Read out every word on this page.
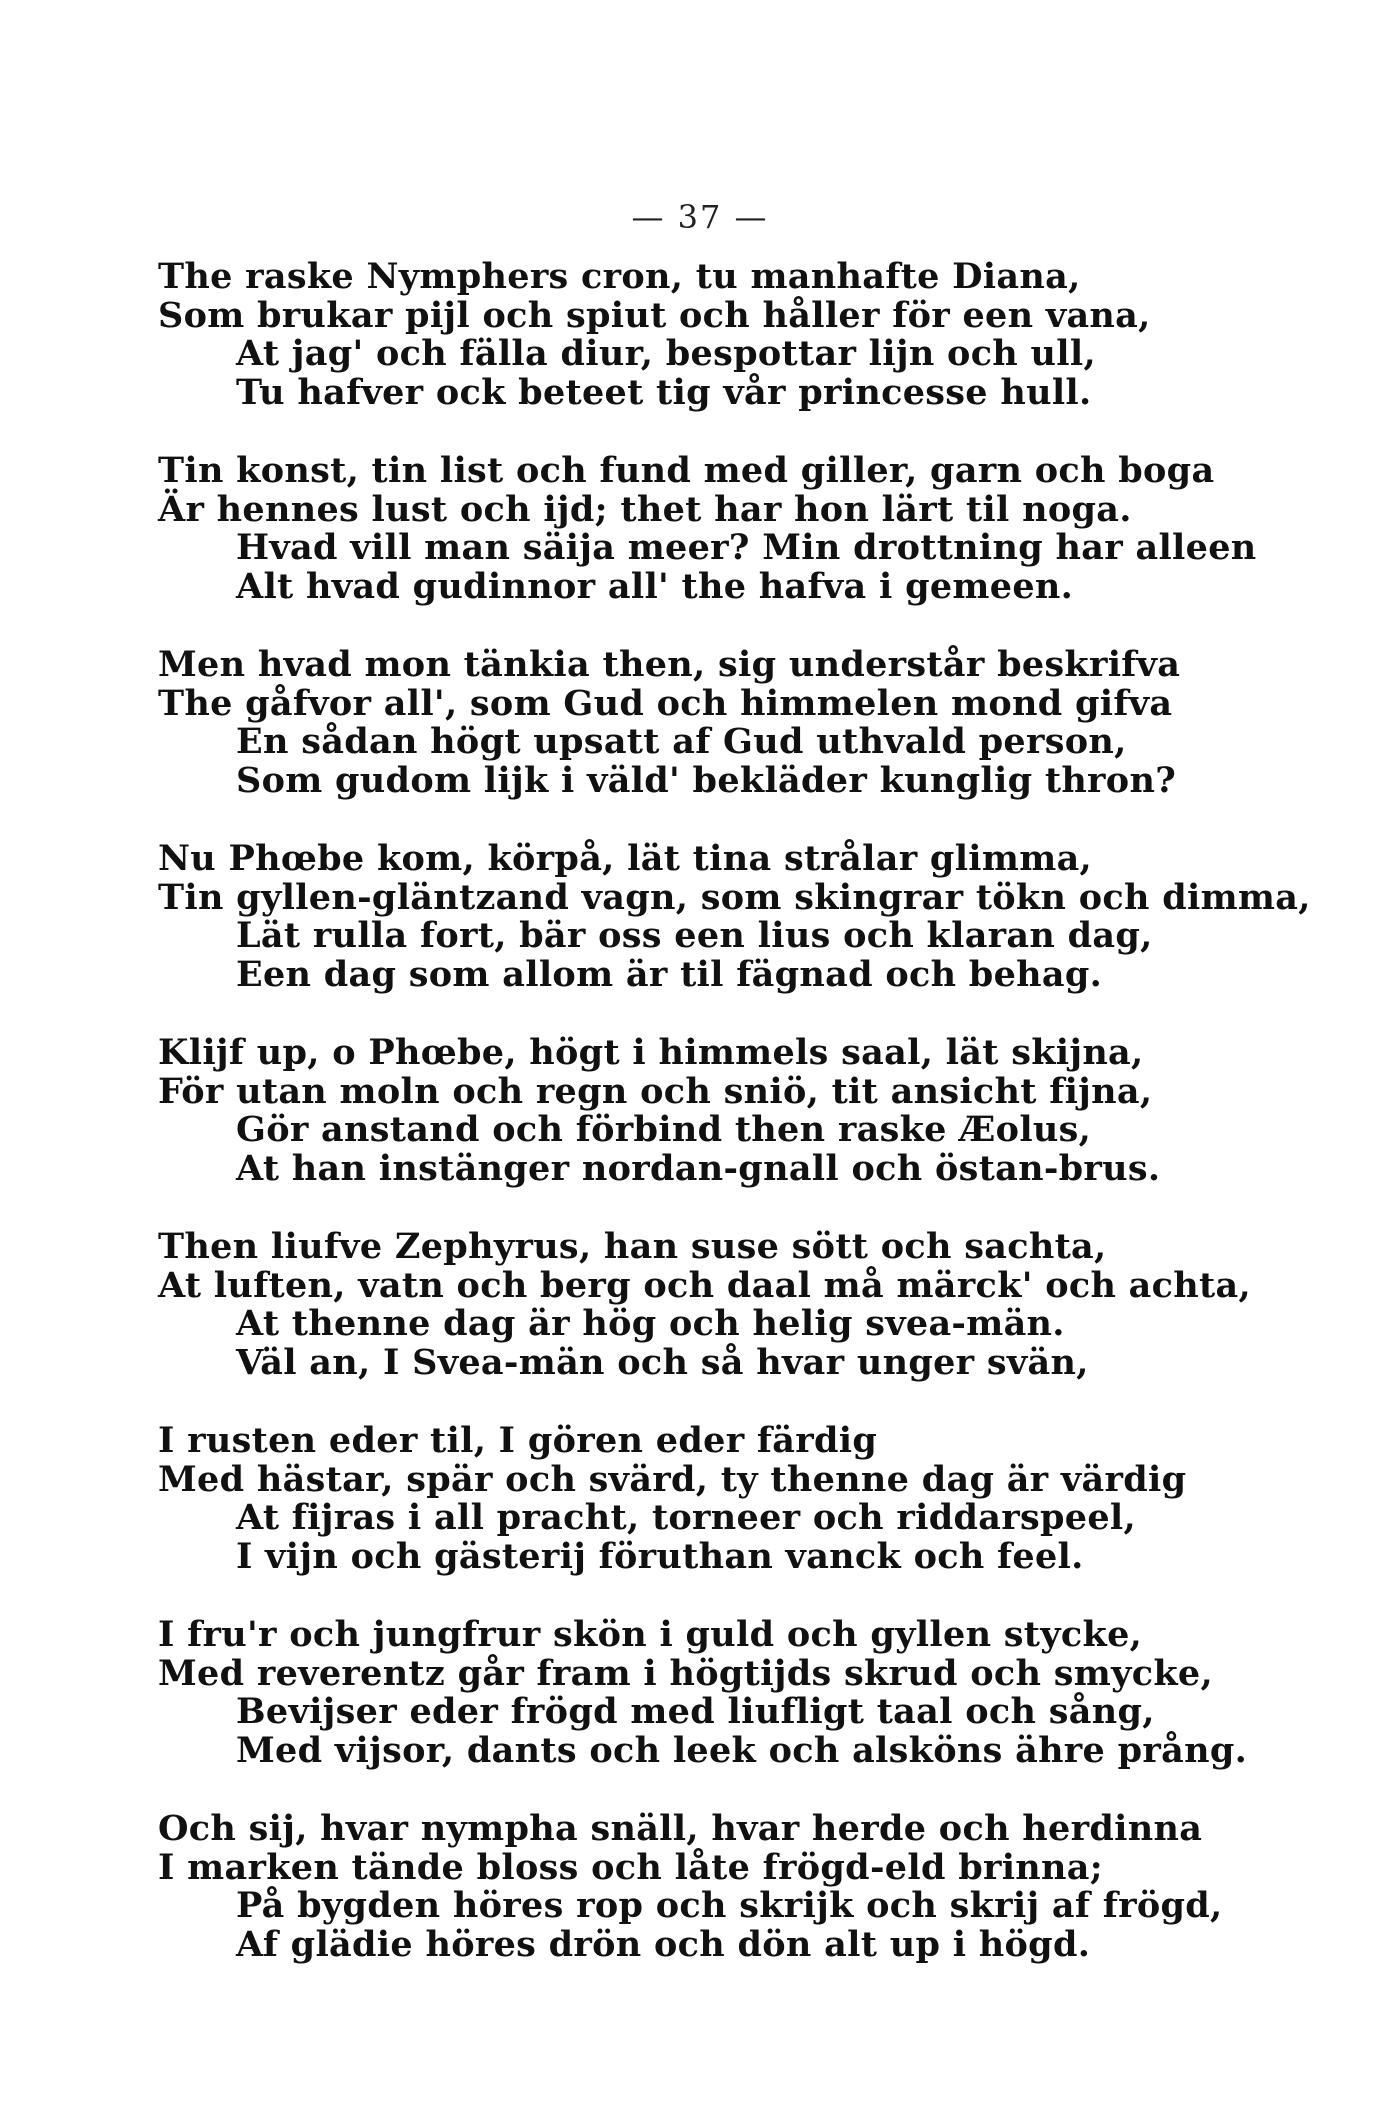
— 37 —
The raske Nymphers cron, tu manhafte Diana,
Som brukar pijl och spiut och håller för een vana,
At jag' och fälla diur, bespottar lijn och ull,
Tu hafver ock beteet tig vår princesse hull.
Tin konst, tin list och fund med giller, garn och boga
Är hennes lust och ijd; thet har hon lärt til noga.
Hvad vill man säija meer? Min drottning har alleen
Alt hvad gudinnor all' the hafva i gemeen.
Men hvad mon tänkia then, sig understår beskrifva
The gåfvor all', som Gud och himmelen mond gifva
En sådan högt upsatt af Gud uthvald person,
Som gudom lijk i väld' bekläder kunglig thron?
Nu Phœbe kom, körpå, lät tina strålar glimma,
Tin gyllen-gläntzand vagn, som skingrar tökn och dimma,
Lät rulla fort, bär oss een lius och klaran dag,
Een dag som allom är til fägnad och behag.
Klijf up, o Phœbe, högt i himmels saal, lät skijna,
För utan moln och regn och sniö, tit ansicht fijna,
Gör anstand och förbind then raske Æolus,
At han instänger nordan-gnall och östan-brus.
Then liufve Zephyrus, han suse sött och sachta,
At luften, vatn och berg och daal må märck' och achta,
At thenne dag är hög och helig svea-män.
Väl an, I Svea-män och så hvar unger svän,
I rusten eder til, I gören eder färdig
Med hästar, spär och svärd, ty thenne dag är värdig
At fijras i all pracht, torneer och riddarspeel,
I vijn och gästerij föruthan vanck och feel.
I fru'r och jungfrur skön i guld och gyllen stycke,
Med reverentz går fram i högtijds skrud och smycke,
Bevijser eder frögd med liufligt taal och sång,
Med vijsor, dants och leek och alsköns ähre prång.
Och sij, hvar nympha snäll, hvar herde och herdinna
I marken tände bloss och låte frögd-eld brinna;
På bygden höres rop och skrijk och skrij af frögd,
Af glädie höres drön och dön alt up i högd.
